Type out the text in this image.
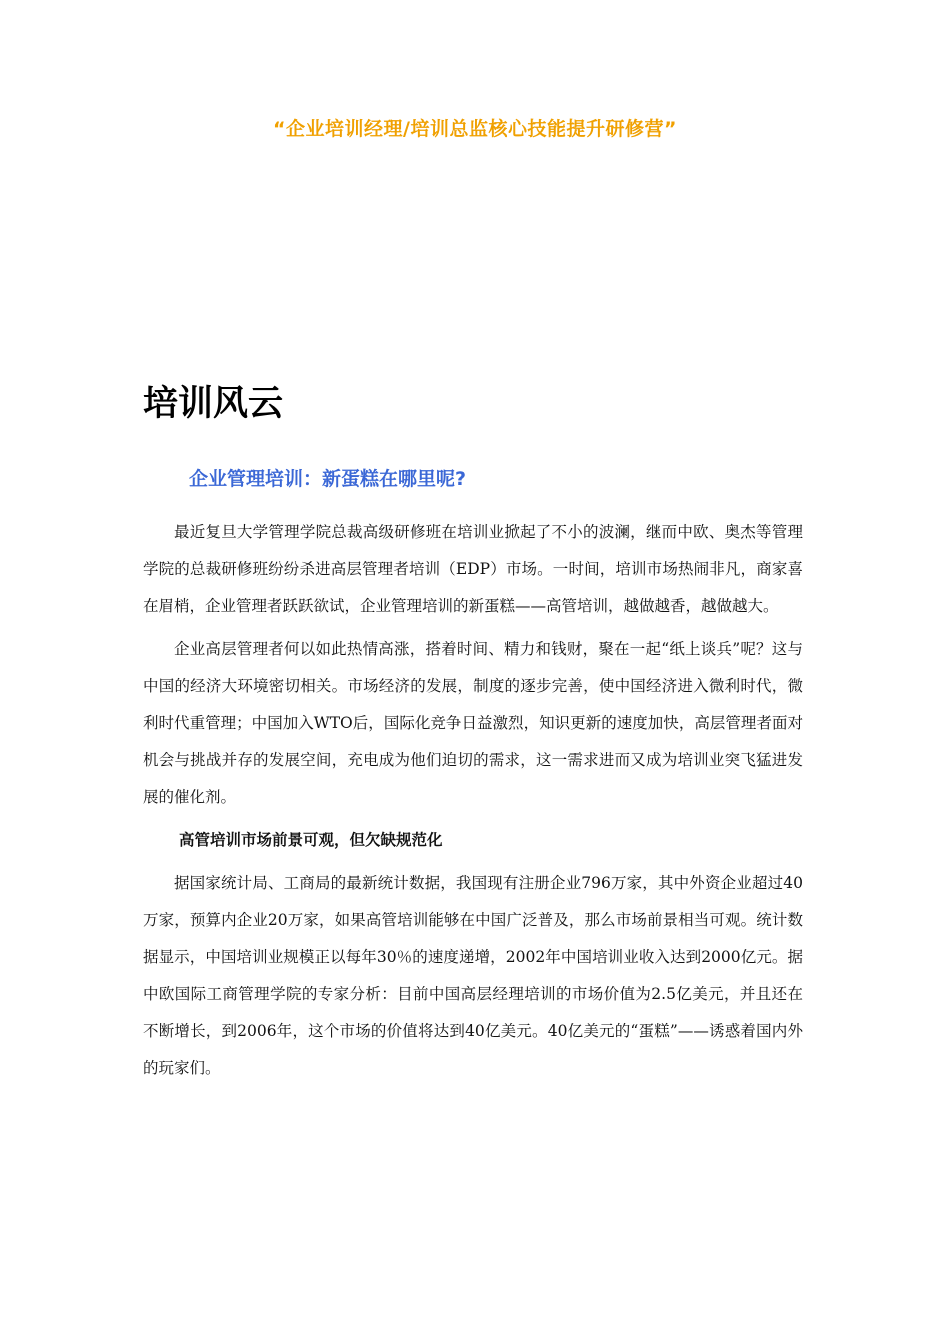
“企业培训经理/培训总监核心技能提升研修营”
培训风云
企业管理培训：新蛋糕在哪里呢?

最近复旦大学管理学院总裁高级研修班在培训业掀起了不小的波澜，继而中欧、奥杰等管理学院的总裁研修班纷纷杀进高层管理者培训（EDP）市场。一时间，培训市场热闹非凡，商家喜在眉梢，企业管理者跃跃欲试，企业管理培训的新蛋糕——高管培训，越做越香，越做越大。

企业高层管理者何以如此热情高涨，搭着时间、精力和钱财，聚在一起“纸上谈兵”呢？这与中国的经济大环境密切相关。市场经济的发展，制度的逐步完善，使中国经济进入微利时代，微利时代重管理；中国加入WTO后，国际化竞争日益激烈，知识更新的速度加快，高层管理者面对机会与挑战并存的发展空间，充电成为他们迫切的需求，这一需求进而又成为培训业突飞猛进发展的催化剂。

高管培训市场前景可观，但欠缺规范化

据国家统计局、工商局的最新统计数据，我国现有注册企业796万家，其中外资企业超过40万家，预算内企业20万家，如果高管培训能够在中国广泛普及，那么市场前景相当可观。统计数据显示，中国培训业规模正以每年30％的速度递增，2002年中国培训业收入达到2000亿元。据中欧国际工商管理学院的专家分析：目前中国高层经理培训的市场价值为2.5亿美元，并且还在不断增长，到2006年，这个市场的价值将达到40亿美元。40亿美元的“蛋糕”——诱惑着国内外的玩家们。
